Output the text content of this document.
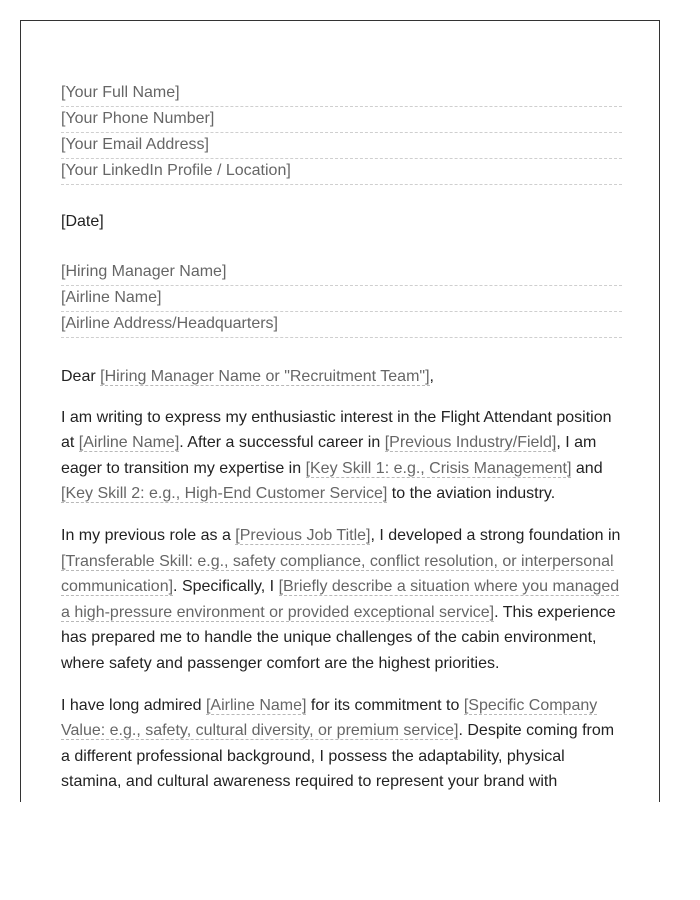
[Your Full Name]
[Your Phone Number]
[Your Email Address]
[Your LinkedIn Profile / Location]
[Date]
[Hiring Manager Name]
[Airline Name]
[Airline Address/Headquarters]

Dear [Hiring Manager Name or "Recruitment Team"],

I am writing to express my enthusiastic interest in the Flight Attendant position at [Airline Name]. After a successful career in [Previous Industry/Field], I am eager to transition my expertise in [Key Skill 1: e.g., Crisis Management] and [Key Skill 2: e.g., High-End Customer Service] to the aviation industry.

In my previous role as a [Previous Job Title], I developed a strong foundation in [Transferable Skill: e.g., safety compliance, conflict resolution, or interpersonal communication]. Specifically, I [Briefly describe a situation where you managed a high-pressure environment or provided exceptional service]. This experience has prepared me to handle the unique challenges of the cabin environment, where safety and passenger comfort are the highest priorities.

I have long admired [Airline Name] for its commitment to [Specific Company Value: e.g., safety, cultural diversity, or premium service]. Despite coming from a different professional background, I possess the adaptability, physical stamina, and cultural awareness required to represent your brand with
